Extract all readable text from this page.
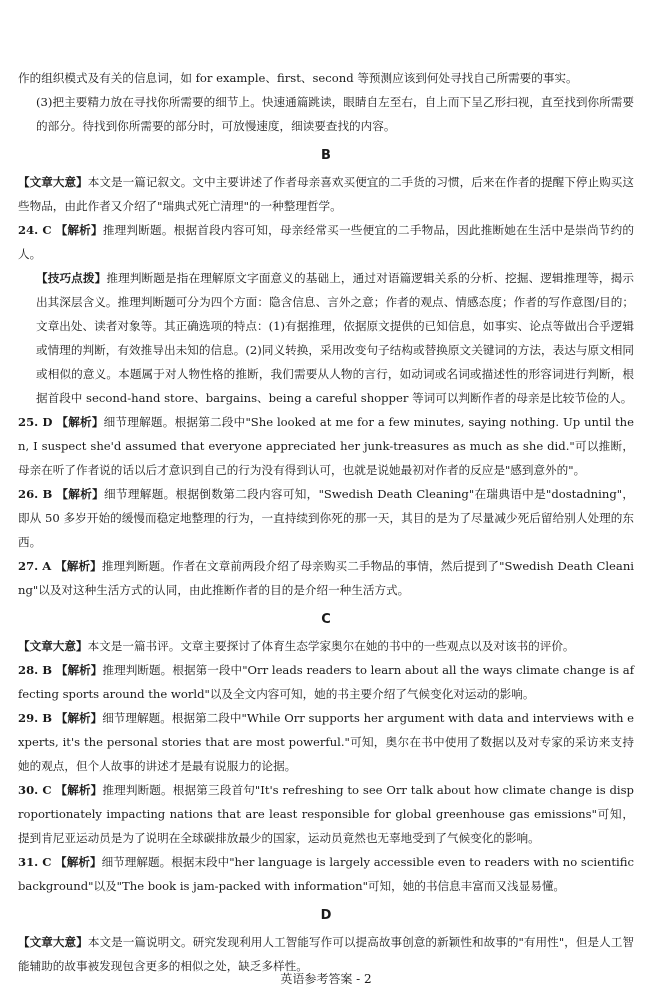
作的组织模式及有关的信息词，如 for example、first、second 等预测应该到何处寻找自己所需要的事实。

(3)把主要精力放在寻找你所需要的细节上。快速通篇跳读，眼睛自左至右，自上而下呈乙形扫视，直至找到你所需要的部分。待找到你所需要的部分时，可放慢速度，细读要查找的内容。

B

【文章大意】本文是一篇记叙文。文中主要讲述了作者母亲喜欢买便宜的二手货的习惯，后来在作者的提醒下停止购买这些物品，由此作者又介绍了"瑞典式死亡清理"的一种整理哲学。

24. C 【解析】推理判断题。根据首段内容可知，母亲经常买一些便宜的二手物品，因此推断她在生活中是崇尚节约的人。

【技巧点拨】推理判断题是指在理解原文字面意义的基础上，通过对语篇逻辑关系的分析、挖掘、逻辑推理等，揭示出其深层含义。推理判断题可分为四个方面：隐含信息、言外之意；作者的观点、情感态度；作者的写作意图/目的；文章出处、读者对象等。其正确选项的特点：(1)有据推理，依据原文提供的已知信息，如事实、论点等做出合乎逻辑或情理的判断，有效推导出未知的信息。(2)同义转换，采用改变句子结构或替换原文关键词的方法，表达与原文相同或相似的意义。本题属于对人物性格的推断，我们需要从人物的言行，如动词或名词或描述性的形容词进行判断，根据首段中 second-hand store、bargains、being a careful shopper 等词可以判断作者的母亲是比较节俭的人。

25. D 【解析】细节理解题。根据第二段中"She looked at me for a few minutes, saying nothing. Up until then, I suspect she'd assumed that everyone appreciated her junk-treasures as much as she did."可以推断，母亲在听了作者说的话以后才意识到自己的行为没有得到认可，也就是说她最初对作者的反应是"感到意外的"。

26. B 【解析】细节理解题。根据倒数第二段内容可知，"Swedish Death Cleaning"在瑞典语中是"dostadning"，即从 50 多岁开始的缓慢而稳定地整理的行为，一直持续到你死的那一天，其目的是为了尽量减少死后留给别人处理的东西。

27. A 【解析】推理判断题。作者在文章前两段介绍了母亲购买二手物品的事情，然后提到了"Swedish Death Cleaning"以及对这种生活方式的认同，由此推断作者的目的是介绍一种生活方式。

C

【文章大意】本文是一篇书评。文章主要探讨了体育生态学家奥尔在她的书中的一些观点以及对该书的评价。

28. B 【解析】推理判断题。根据第一段中"Orr leads readers to learn about all the ways climate change is affecting sports around the world"以及全文内容可知，她的书主要介绍了气候变化对运动的影响。

29. B 【解析】细节理解题。根据第二段中"While Orr supports her argument with data and interviews with experts, it's the personal stories that are most powerful."可知，奥尔在书中使用了数据以及对专家的采访来支持她的观点，但个人故事的讲述才是最有说服力的论据。

30. C 【解析】推理判断题。根据第三段首句"It's refreshing to see Orr talk about how climate change is disproportionately impacting nations that are least responsible for global greenhouse gas emissions"可知，提到肯尼亚运动员是为了说明在全球碳排放最少的国家，运动员竟然也无辜地受到了气候变化的影响。

31. C 【解析】细节理解题。根据末段中"her language is largely accessible even to readers with no scientific background"以及"The book is jam-packed with information"可知，她的书信息丰富而又浅显易懂。

D

【文章大意】本文是一篇说明文。研究发现利用人工智能写作可以提高故事创意的新颖性和故事的"有用性"，但是人工智能辅助的故事被发现包含更多的相似之处，缺乏多样性。

英语参考答案 - 2
